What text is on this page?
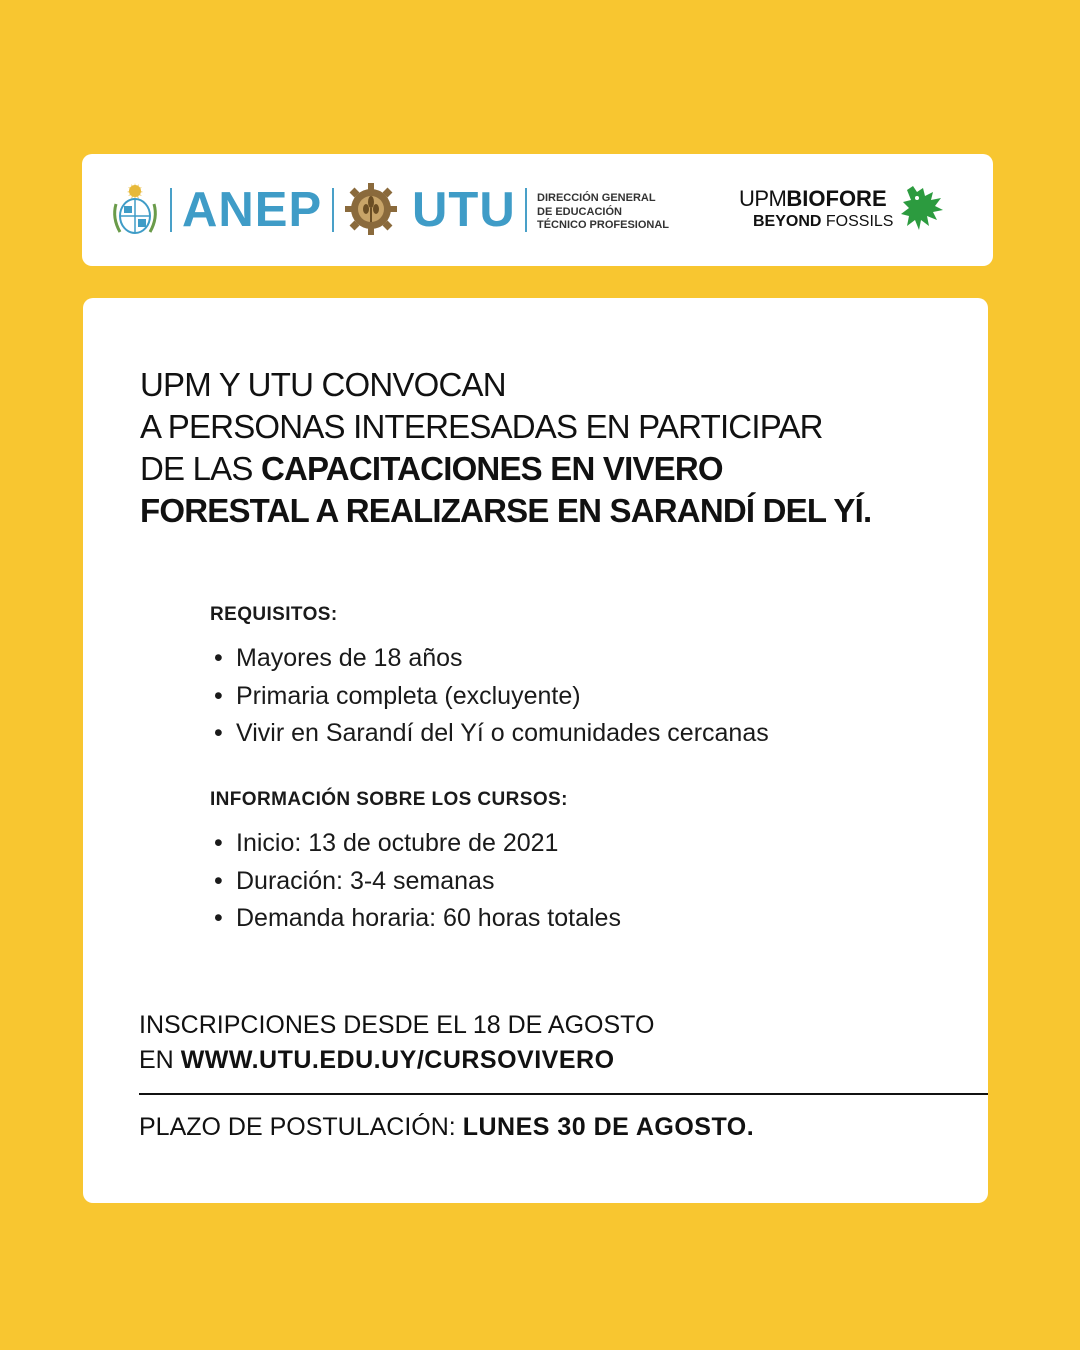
ANEP UTU DIRECCIÓN GENERAL
DE EDUCACIÓN
TÉCNICO PROFESIONAL
UPMBIOFORE
BEYOND FOSSILS
UPM Y UTU CONVOCAN
A PERSONAS INTERESADAS EN PARTICIPAR
DE LAS CAPACITACIONES EN VIVERO
FORESTAL A REALIZARSE EN SARANDÍ DEL YÍ.
REQUISITOS:
• Mayores de 18 años
• Primaria completa (excluyente)
• Vivir en Sarandí del Yí o comunidades cercanas
INFORMACIÓN SOBRE LOS CURSOS:
• Inicio: 13 de octubre de 2021
• Duración: 3-4 semanas
• Demanda horaria: 60 horas totales
INSCRIPCIONES DESDE EL 18 DE AGOSTO
EN WWW.UTU.EDU.UY/CURSOVIVERO
PLAZO DE POSTULACIÓN: LUNES 30 DE AGOSTO.
